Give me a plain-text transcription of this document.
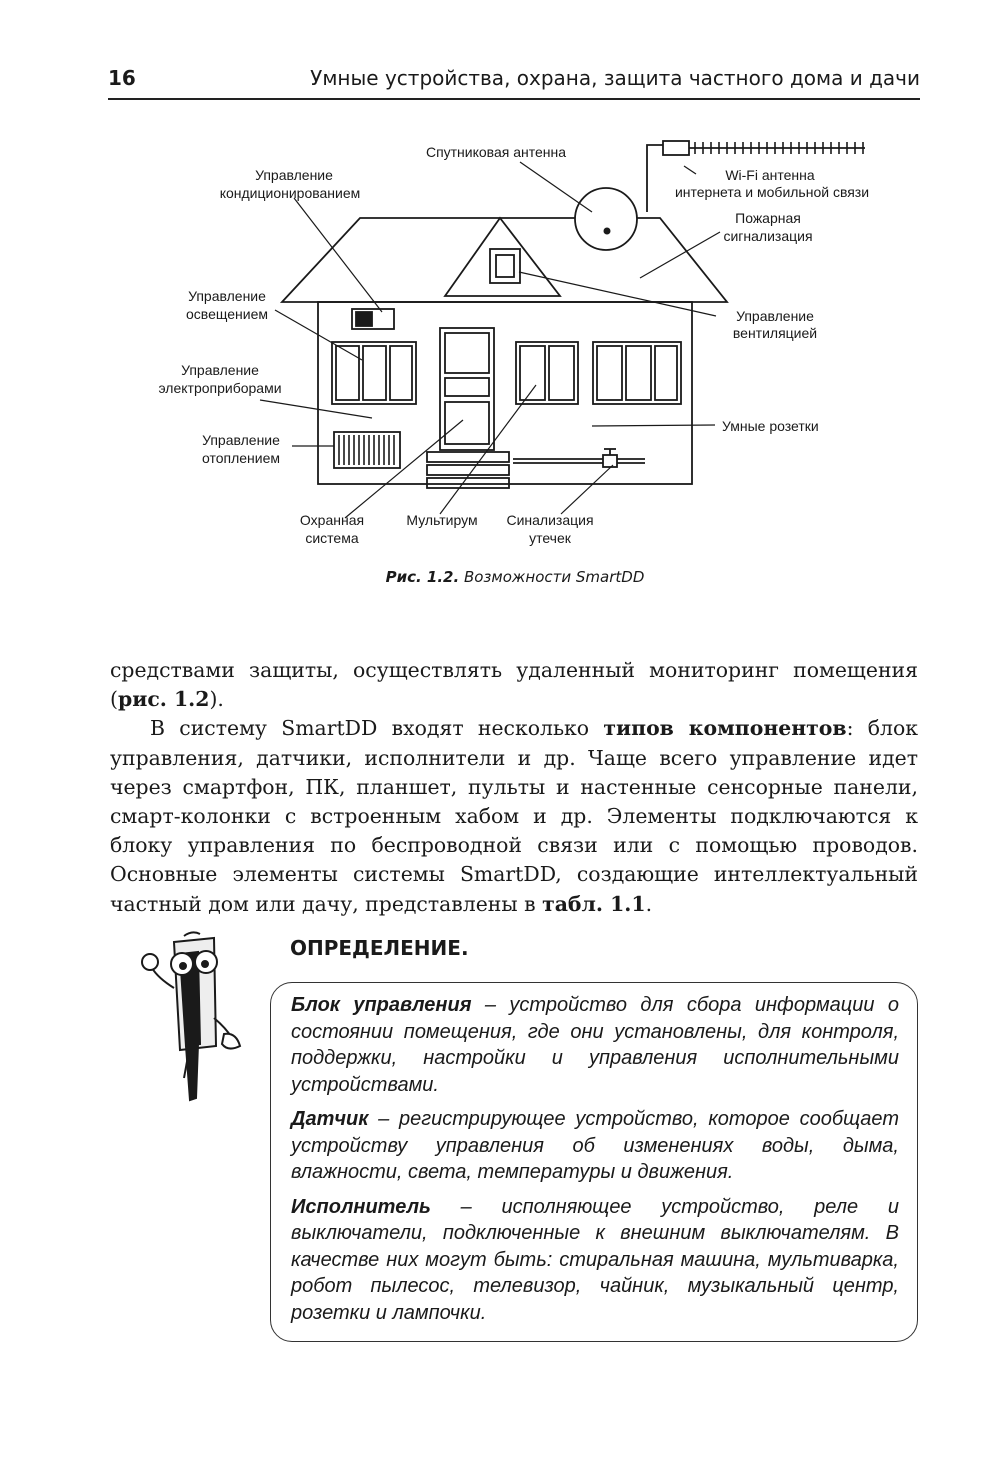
16	Умные устройства, охрана, защита частного дома и дачи
Спутниковая антенна
Управление
кондиционированием
Wi-Fi антенна
интернета и мобильной связи
Пожарная
сигнализация
Управление
освещением	Управление
вентиляцией
Управление
электроприборами
Умные розетки
Управление
отоплением
Охранная
система
Мультирум Синализация
утечек
Рис. 1.2. Возможности SmartDD

средствами защиты, осуществлять удаленный мониторинг помещения (рис. 1.2).

В систему SmartDD входят несколько типов компонентов: блок управления, датчики, исполнители и др. Чаще всего управление идет через смартфон, ПК, планшет, пульты и настенные сенсорные панели, смарт-колонки с встроенным хабом и др. Элементы подключаются к блоку управления по беспроводной связи или с помощью проводов. Основные элементы системы SmartDD, создающие интеллектуальный частный дом или дачу, представлены в табл. 1.1.

ОПРЕДЕЛЕНИЕ.

Блок управления – устройство для сбора информации о состоянии помещения, где они установлены, для контроля, поддержки, настройки и управления исполнительными устройствами.

Датчик – регистрирующее устройство, которое сообщает устройству управления об изменениях воды, дыма, влажности, света, температуры и движения.

Исполнитель – исполняющее устройство, реле и выключатели, подключенные к внешним выключателям. В качестве них могут быть: стиральная машина, мультиварка, робот пылесос, телевизор, чайник, музыкальный центр, розетки и лампочки.
